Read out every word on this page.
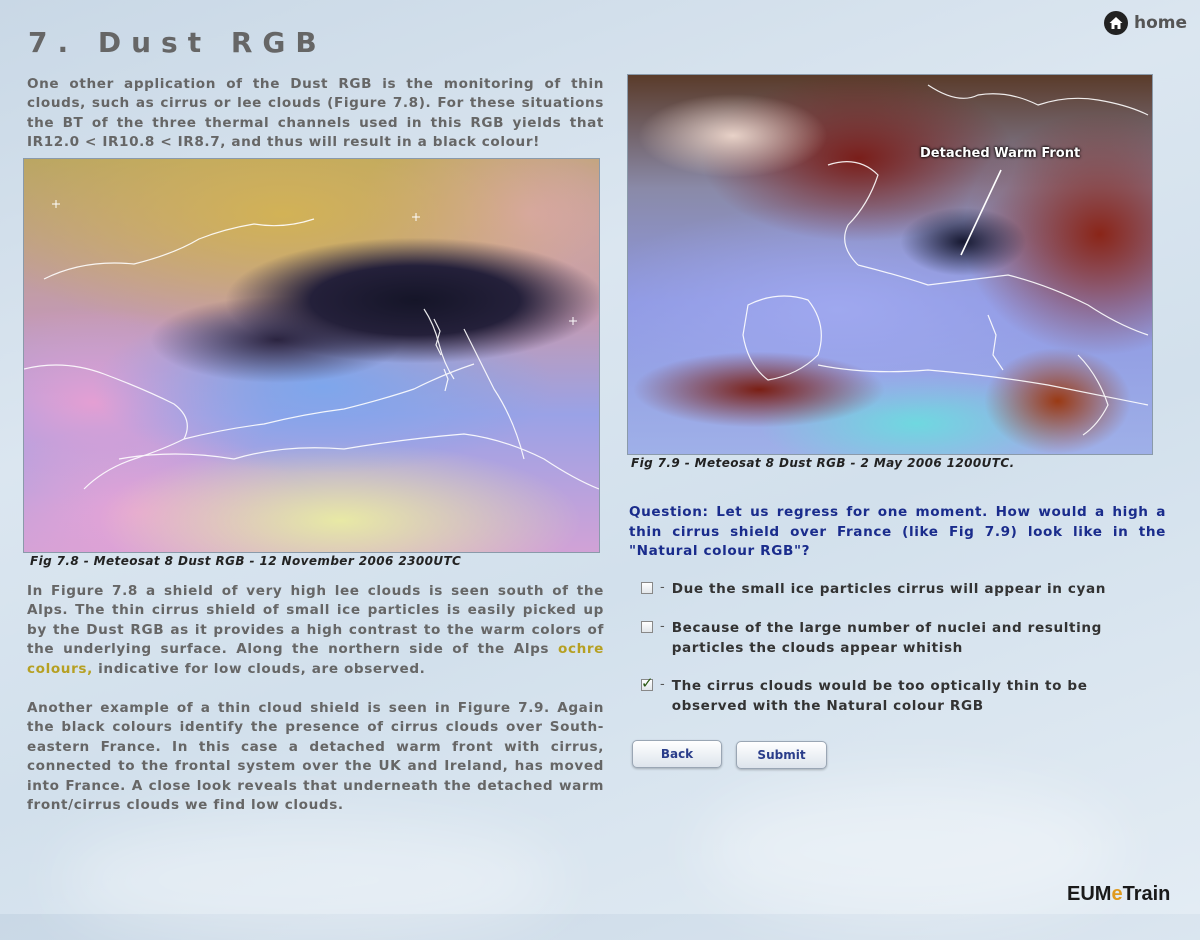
7. Dust RGB
home

One other application of the Dust RGB is the monitoring of thin clouds, such as cirrus or lee clouds (Figure 7.8). For these situations the BT of the three thermal channels used in this RGB yields that IR12.0 < IR10.8 < IR8.7, and thus will result in a black colour!

Fig 7.8 - Meteosat 8 Dust RGB - 12 November 2006 2300UTC

In Figure 7.8 a shield of very high lee clouds is seen south of the Alps. The thin cirrus shield of small ice particles is easily picked up by the Dust RGB as it provides a high contrast to the warm colors of the underlying surface. Along the northern side of the Alps ochre colours, indicative for low clouds, are observed.

Another example of a thin cloud shield is seen in Figure 7.9. Again the black colours identify the presence of cirrus clouds over South-eastern France. In this case a detached warm front with cirrus, connected to the frontal system over the UK and Ireland, has moved into France. A close look reveals that underneath the detached warm front/cirrus clouds we find low clouds.

Detached Warm Front

Fig 7.9 - Meteosat 8 Dust RGB - 2 May 2006 1200UTC.

Question: Let us regress for one moment. How would a high a thin cirrus shield over France (like Fig 7.9) look like in the "Natural colour RGB"?

- Due the small ice particles cirrus will appear in cyan
- Because of the large number of nuclei and resulting particles the clouds appear whitish
✓ - The cirrus clouds would be too optically thin to be observed with the Natural colour RGB
Back	Submit
EUMeTrain
